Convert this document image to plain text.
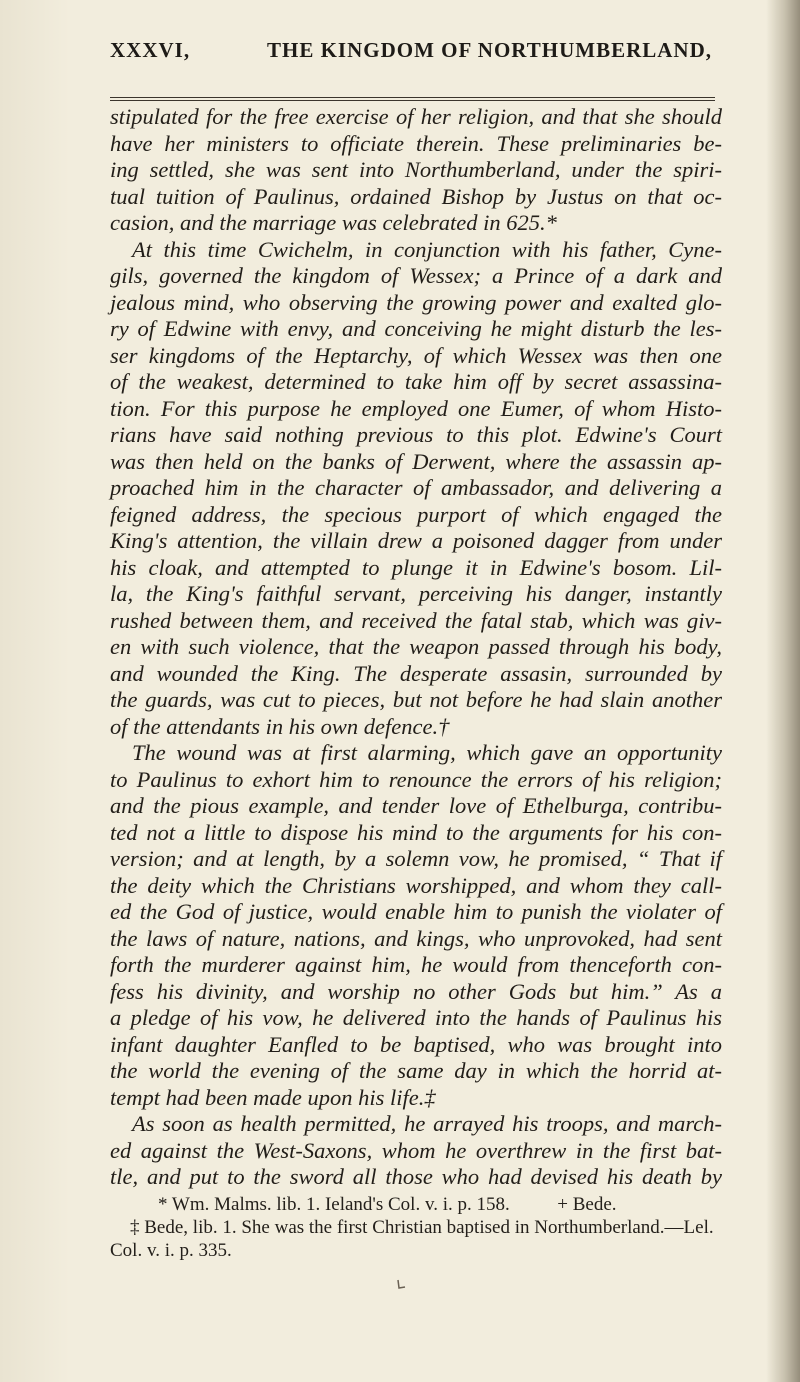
XXXVI,	THE KINGDOM OF NORTHUMBERLAND,
stipulated for the free exercise of her religion, and that she should
have her ministers to officiate therein. These preliminaries be-
ing settled, she was sent into Northumberland, under the spiri-
tual tuition of Paulinus, ordained Bishop by Justus on that oc-
casion, and the marriage was celebrated in 625.*
At this time Cwichelm, in conjunction with his father, Cyne-
gils, governed the kingdom of Wessex; a Prince of a dark and
jealous mind, who observing the growing power and exalted glo-
ry of Edwine with envy, and conceiving he might disturb the les-
ser kingdoms of the Heptarchy, of which Wessex was then one
of the weakest, determined to take him off by secret assassina-
tion. For this purpose he employed one Eumer, of whom Histo-
rians have said nothing previous to this plot. Edwine's Court
was then held on the banks of Derwent, where the assassin ap-
proached him in the character of ambassador, and delivering a
feigned address, the specious purport of which engaged the
King's attention, the villain drew a poisoned dagger from under
his cloak, and attempted to plunge it in Edwine's bosom. Lil-
la, the King's faithful servant, perceiving his danger, instantly
rushed between them, and received the fatal stab, which was giv-
en with such violence, that the weapon passed through his body,
and wounded the King. The desperate assasin, surrounded by
the guards, was cut to pieces, but not before he had slain another
of the attendants in his own defence.†
The wound was at first alarming, which gave an opportunity
to Paulinus to exhort him to renounce the errors of his religion;
and the pious example, and tender love of Ethelburga, contribu-
ted not a little to dispose his mind to the arguments for his con-
version; and at length, by a solemn vow, he promised, “ That if
the deity which the Christians worshipped, and whom they call-
ed the God of justice, would enable him to punish the violater of
the laws of nature, nations, and kings, who unprovoked, had sent
forth the murderer against him, he would from thenceforth con-
fess his divinity, and worship no other Gods but him.” As a
a pledge of his vow, he delivered into the hands of Paulinus his
infant daughter Eanfled to be baptised, who was brought into
the world the evening of the same day in which the horrid at-
tempt had been made upon his life.‡
As soon as health permitted, he arrayed his troops, and march-
ed against the West-Saxons, whom he overthrew in the first bat-
tle, and put to the sword all those who had devised his death by
* Wm. Malms. lib. 1. Ieland's Col. v. i. p. 158.    + Bede.
‡ Bede, lib. 1. She was the first Christian baptised in Northumberland.—Lel.
Col. v. i. p. 335.
